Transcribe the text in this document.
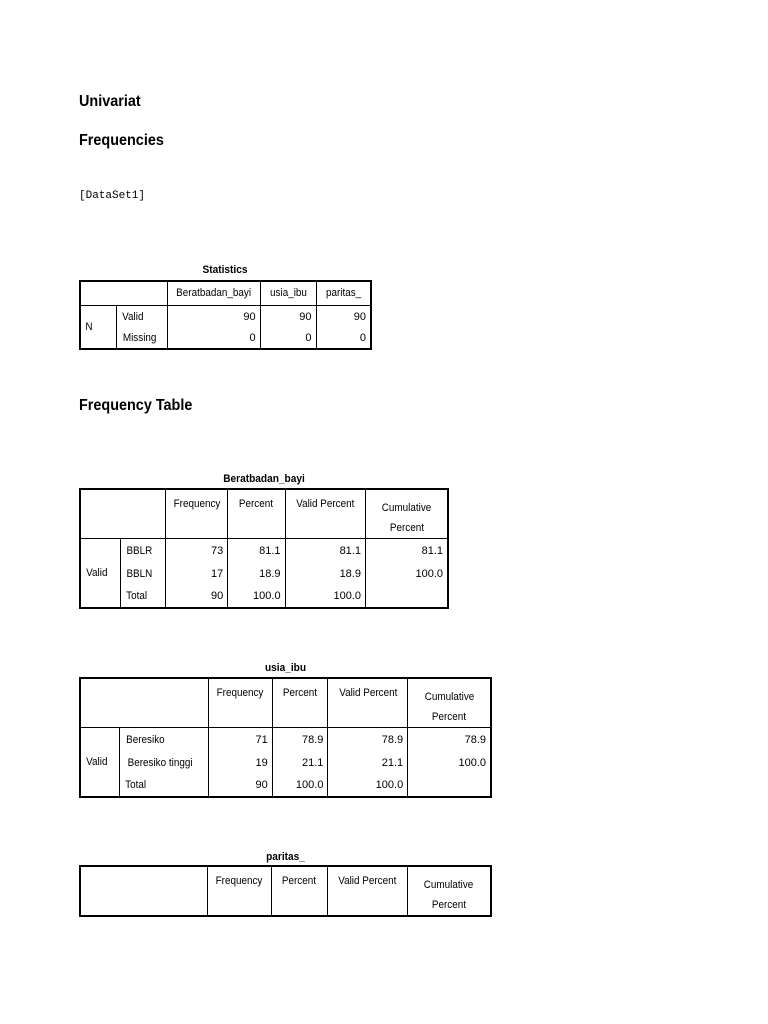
Univariat
Frequencies
[DataSet1]
Statistics
		Beratbadan_bayi	usia_ibu	paritas_
N	Valid	90	90	90
	Missing	0	0	0
Frequency Table
Beratbadan_bayi
		Frequency	Percent	Valid Percent	Cumulative
Percent
Valid	BBLR	73	81.1	81.1	81.1
	BBLN	17	18.9	18.9	100.0
	Total	90	100.0	100.0	
usia_ibu
		Frequency	Percent	Valid Percent	Cumulative
Percent
Valid	Beresiko	71	78.9	78.9	78.9
	Beresiko tinggi	19	21.1	21.1	100.0
	Total	90	100.0	100.0	
paritas_
	Frequency	Percent	Valid Percent	Cumulative
Percent
